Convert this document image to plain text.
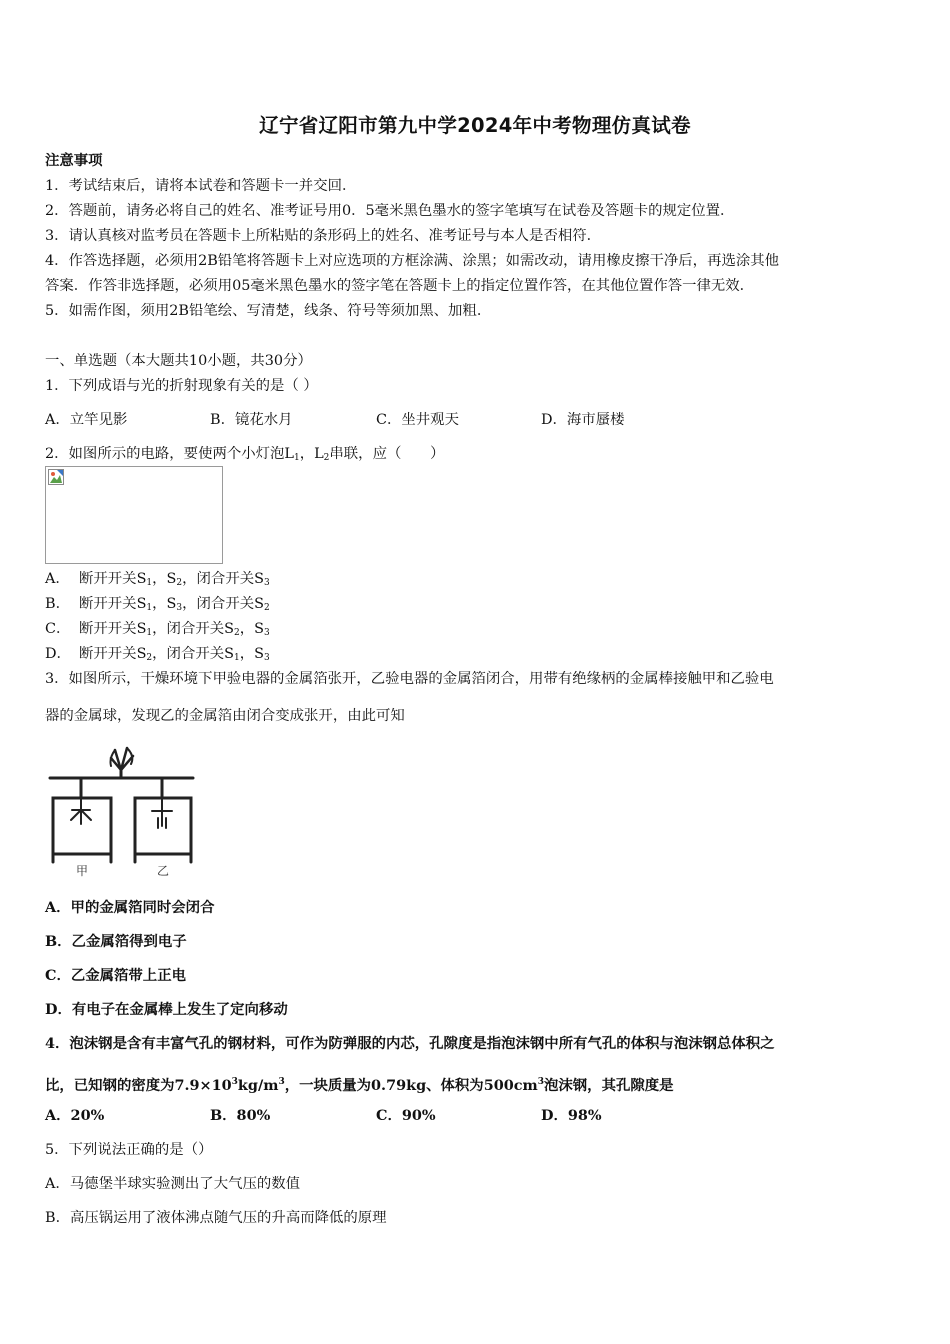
辽宁省辽阳市第九中学2024年中考物理仿真试卷
注意事项
1．考试结束后，请将本试卷和答题卡一并交回．
2．答题前，请务必将自己的姓名、准考证号用0．5毫米黑色墨水的签字笔填写在试卷及答题卡的规定位置．
3．请认真核对监考员在答题卡上所粘贴的条形码上的姓名、准考证号与本人是否相符．
4．作答选择题，必须用2B铅笔将答题卡上对应选项的方框涂满、涂黑；如需改动，请用橡皮擦干净后，再选涂其他
答案．作答非选择题，必须用05毫米黑色墨水的签字笔在答题卡上的指定位置作答，在其他位置作答一律无效．
5．如需作图，须用2B铅笔绘、写清楚，线条、符号等须加黑、加粗．
一、单选题（本大题共10小题，共30分）
1．下列成语与光的折射现象有关的是（ ）
A．立竿见影	B．镜花水月	C．坐井观天	D．海市蜃楼
2．如图所示的电路，要使两个小灯泡$L_1$，$L_2$串联，应（　　）
A． 断开开关$S_1$，$S_2$，闭合开关$S_3$
B． 断开开关$S_1$，$S_3$，闭合开关$S_2$
C． 断开开关$S_1$，闭合开关$S_2$，$S_3$
D． 断开开关$S_2$，闭合开关$S_1$，$S_3$
3．如图所示，干燥环境下甲验电器的金属箔张开，乙验电器的金属箔闭合，用带有绝缘柄的金属棒接触甲和乙验电
器的金属球，发现乙的金属箔由闭合变成张开，由此可知
甲	乙
A．甲的金属箔同时会闭合
B．乙金属箔得到电子
C．乙金属箔带上正电
D．有电子在金属棒上发生了定向移动
4．泡沫钢是含有丰富气孔的钢材料，可作为防弹服的内芯，孔隙度是指泡沫钢中所有气孔的体积与泡沫钢总体积之
比，已知钢的密度为$7.9\times 10^3kg/m^3$，一块质量为0.79kg、体积为$500cm^3$泡沫钢，其孔隙度是
A．20%	B．80%	C．90%	D．98%
5．下列说法正确的是（）
A．马德堡半球实验测出了大气压的数值
B．高压锅运用了液体沸点随气压的升高而降低的原理
